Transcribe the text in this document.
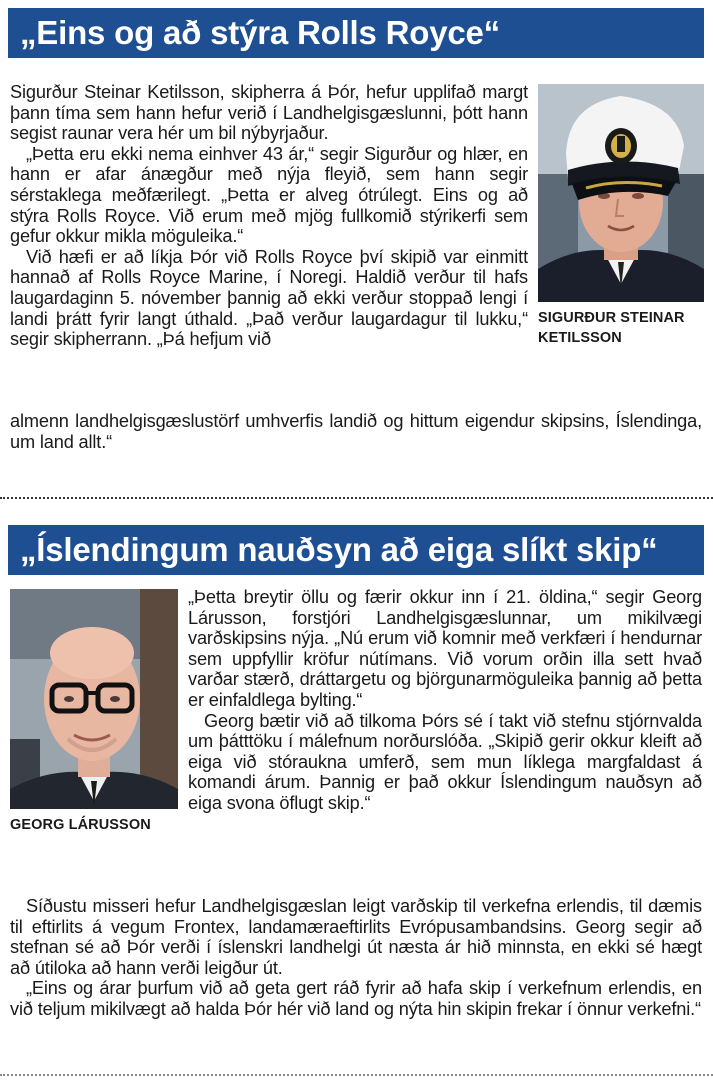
„Eins og að stýra Rolls Royce“

Sigurður Steinar Ketilsson, skipherra á Þór, hefur upplifað margt þann tíma sem hann hefur verið í Landhelgisgæslunni, þótt hann segist raunar vera hér um bil nýbyrjaður.

„Þetta eru ekki nema einhver 43 ár,“ segir Sigurður og hlær, en hann er afar ánægður með nýja fleyið, sem hann segir sérstaklega meðfærilegt. „Þetta er alveg ótrúlegt. Eins og að stýra Rolls Royce. Við erum með mjög fullkomið stýrikerfi sem gefur okkur mikla möguleika.“

Við hæfi er að líkja Þór við Rolls Royce því skipið var einmitt hannað af Rolls Royce Marine, í Noregi. Haldið verður til hafs laugardaginn 5. nóvember þannig að ekki verður stoppað lengi í landi þrátt fyrir langt úthald. „Það verður laugardagur til lukku,“ segir skipherrann. „Þá hefjum við

almenn landhelgisgæslustörf umhverfis landið og hittum eigendur skipsins, Íslendinga, um land allt.“

SIGURÐUR STEINAR KETILSSON
„Íslendingum nauðsyn að eiga slíkt skip“
GEORG LÁRUSSON

„Þetta breytir öllu og færir okkur inn í 21. öldina,“ segir Georg Lárusson, forstjóri Landhelgisgæslunnar, um mikilvægi varðskipsins nýja. „Nú erum við komnir með verkfæri í hendurnar sem uppfyllir kröfur nútímans. Við vorum orðin illa sett hvað varðar stærð, dráttargetu og björgunarmöguleika þannig að þetta er einfaldlega bylting.“

Georg bætir við að tilkoma Þórs sé í takt við stefnu stjórnvalda um þátttöku í málefnum norðurslóða. „Skipið gerir okkur kleift að eiga við stóraukna umferð, sem mun líklega margfaldast á komandi árum. Þannig er það okkur Íslendingum nauðsyn að eiga svona öflugt skip.“

Síðustu misseri hefur Landhelgisgæslan leigt varðskip til verkefna erlendis, til dæmis til eftirlits á vegum Frontex, landamæraeftirlits Evrópusambandsins. Georg segir að stefnan sé að Þór verði í íslenskri landhelgi út næsta ár hið minnsta, en ekki sé hægt að útiloka að hann verði leigður út.

„Eins og árar þurfum við að geta gert ráð fyrir að hafa skip í verkefnum erlendis, en við teljum mikilvægt að halda Þór hér við land og nýta hin skipin frekar í önnur verkefni.“
